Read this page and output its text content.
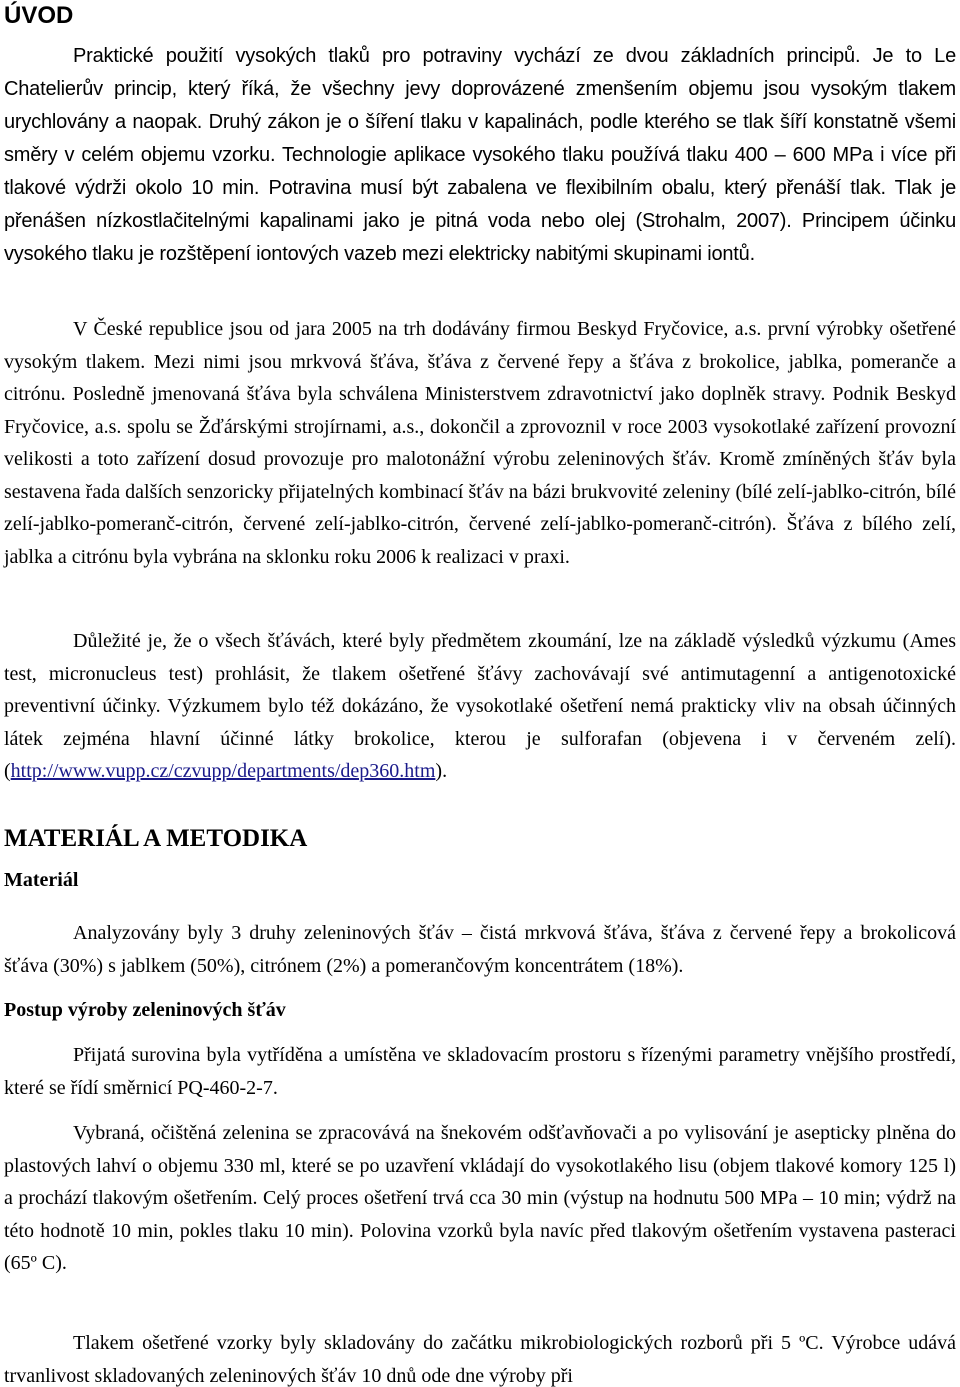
ÚVOD

Praktické použití vysokých tlaků pro potraviny vychází ze dvou základních principů. Je to Le Chatelierův princip, který říká, že všechny jevy doprovázené zmenšením objemu jsou vysokým tlakem urychlovány a naopak. Druhý zákon je o šíření tlaku v kapalinách, podle kterého se tlak šíří konstatně všemi směry v celém objemu vzorku. Technologie aplikace vysokého tlaku používá tlaku 400 – 600 MPa i více při tlakové výdrži okolo 10 min. Potravina musí být zabalena ve flexibilním obalu, který přenáší tlak. Tlak je přenášen nízkostlačitelnými kapalinami jako je pitná voda nebo olej (Strohalm, 2007). Principem účinku vysokého tlaku je rozštěpení iontových vazeb mezi elektricky nabitými skupinami iontů.

V České republice jsou od jara 2005 na trh dodávány firmou Beskyd Fryčovice, a.s. první výrobky ošetřené vysokým tlakem. Mezi nimi jsou mrkvová šťáva, šťáva z červené řepy a šťáva z brokolice, jablka, pomeranče a citrónu. Posledně jmenovaná šťáva byla schválena Ministerstvem zdravotnictví jako doplněk stravy. Podnik Beskyd Fryčovice, a.s. spolu se Žďárskými strojírnami, a.s., dokončil a zprovoznil v roce 2003 vysokotlaké zařízení provozní velikosti a toto zařízení dosud provozuje pro malotonážní výrobu zeleninových šťáv. Kromě zmíněných šťáv byla sestavena řada dalších senzoricky přijatelných kombinací šťáv na bázi brukvovité zeleniny (bílé zelí-jablko-citrón, bílé zelí-jablko-pomeranč-citrón, červené zelí-jablko-citrón, červené zelí-jablko-pomeranč-citrón). Šťáva z bílého zelí, jablka a citrónu byla vybrána na sklonku roku 2006 k realizaci v praxi.

Důležité je, že o všech šťávách, které byly předmětem zkoumání, lze na základě výsledků výzkumu (Ames test, micronucleus test) prohlásit, že tlakem ošetřené šťávy zachovávají své antimutagenní a antigenotoxické preventivní účinky. Výzkumem bylo též dokázáno, že vysokotlaké ošetření nemá prakticky vliv na obsah účinných látek zejména hlavní účinné látky brokolice, kterou je sulforafan (objevena i v červeném zelí). (http://www.vupp.cz/czvupp/departments/dep360.htm).

MATERIÁL A METODIKA
Materiál

Analyzovány byly 3 druhy zeleninových šťáv – čistá mrkvová šťáva, šťáva z červené řepy a brokolicová šťáva (30%) s jablkem (50%), citrónem (2%) a pomerančovým koncentrátem (18%).

Postup výroby zeleninových šťáv

Přijatá surovina byla vytříděna a umístěna ve skladovacím prostoru s řízenými parametry vnějšího prostředí, které se řídí směrnicí PQ-460-2-7.

Vybraná, očištěná zelenina se zpracovává na šnekovém odšťavňovači a po vylisování je asepticky plněna do plastových lahví o objemu 330 ml, které se po uzavření vkládají do vysokotlakého lisu (objem tlakové komory 125 l) a prochází tlakovým ošetřením. Celý proces ošetření trvá cca 30 min (výstup na hodnutu 500 MPa – 10 min; výdrž na této hodnotě 10 min, pokles tlaku 10 min). Polovina vzorků byla navíc před tlakovým ošetřením vystavena pasteraci (65º C).

Tlakem ošetřené vzorky byly skladovány do začátku mikrobiologických rozborů při 5 ºC. Výrobce udává trvanlivost skladovaných zeleninových šťáv 10 dnů ode dne výroby při
